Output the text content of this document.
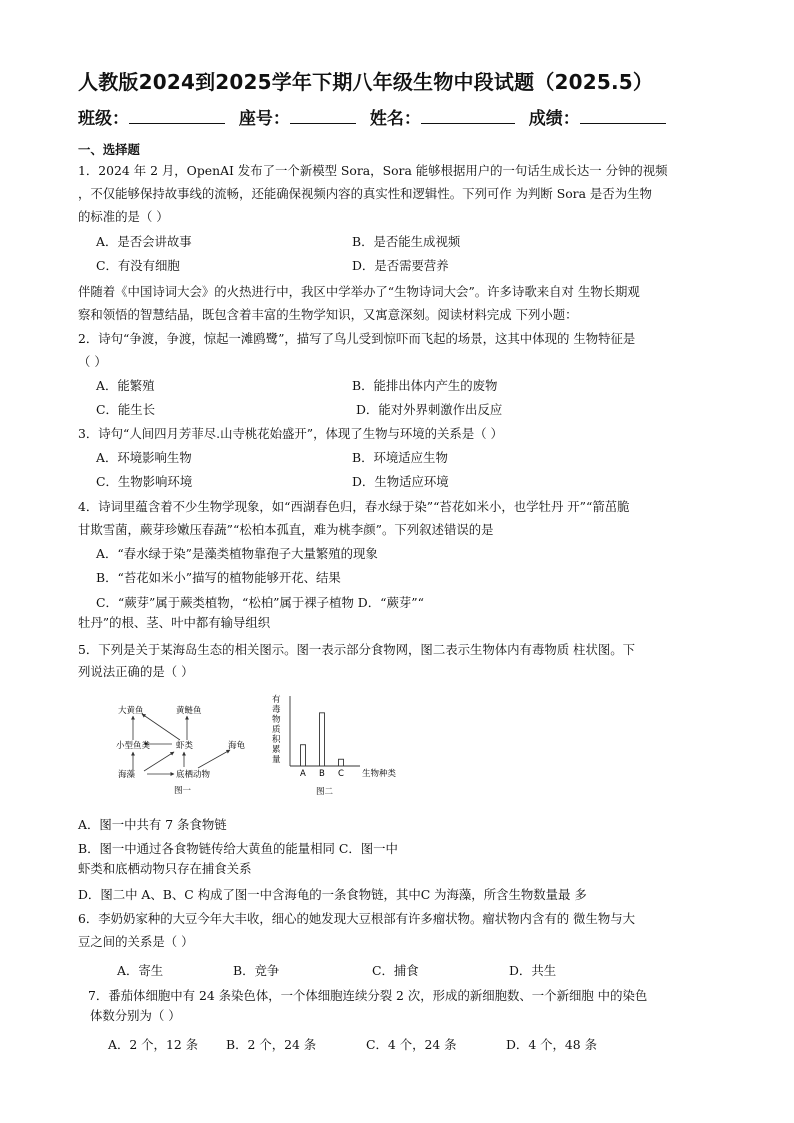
人教版2024到2025学年下期八年级生物中段试题（2025.5）
班级：	座号：	姓名：	成绩：
一、选择题
1．2024 年 2 月，OpenAI 发布了一个新模型 Sora，Sora 能够根据用户的一句话生成长达一 分钟的视频
，不仅能够保持故事线的流畅，还能确保视频内容的真实性和逻辑性。下列可作 为判断 Sora 是否为生物
的标准的是（ ）
A．是否会讲故事	B．是否能生成视频
C．有没有细胞	D．是否需要营养
伴随着《中国诗词大会》的火热进行中，我区中学举办了“生物诗词大会”。许多诗歌来自对 生物长期观
察和领悟的智慧结晶，既包含着丰富的生物学知识，又寓意深刻。阅读材料完成 下列小题：
2．诗句“争渡，争渡，惊起一滩鸥鹭”，描写了鸟儿受到惊吓而飞起的场景，这其中体现的 生物特征是
（ ）
A．能繁殖	B．能排出体内产生的废物
C．能生长	D．能对外界刺激作出反应
3．诗句“人间四月芳菲尽.山寺桃花始盛开”，体现了生物与环境的关系是（ ）
A．环境影响生物	B．环境适应生物
C．生物影响环境	D．生物适应环境
4．诗词里蕴含着不少生物学现象，如“西湖春色归，春水绿于染”“苔花如米小，也学牡丹 开”“箭茁脆
甘欺雪菌，蕨芽珍嫩压春蔬”“松柏本孤直，难为桃李颜”。下列叙述错误的是
A．“春水绿于染”是藻类植物靠孢子大量繁殖的现象
B．“苔花如米小”描写的植物能够开花、结果
C．“蕨芽”属于蕨类植物，“松柏”属于裸子植物 D．“蕨芽”“
牡丹”的根、茎、叶中都有输导组织
5．下列是关于某海岛生态的相关图示。图一表示部分食物网，图二表示生物体内有毒物质 柱状图。下
列说法正确的是（ ）
大黄鱼	黄鲢鱼
小型鱼类	虾类	海龟
海藻	底栖动物
图一
有
毒
物
质
积
累
量
A B C 生物种类
图二
A．图一中共有 7 条食物链
B．图一中通过各食物链传给大黄鱼的能量相同 C．图一中
虾类和底栖动物只存在捕食关系
D．图二中 A、B、C 构成了图一中含海龟的一条食物链，其中C 为海藻，所含生物数量最 多
6．李奶奶家种的大豆今年大丰收，细心的她发现大豆根部有许多瘤状物。瘤状物内含有的 微生物与大
豆之间的关系是（ ）
A．寄生	B．竞争	C．捕食	D．共生
7．番茄体细胞中有 24 条染色体，一个体细胞连续分裂 2 次，形成的新细胞数、一个新细胞 中的染色
体数分别为（ ）
A．2 个，12 条 B．2 个，24 条	C．4 个，24 条	D．4 个，48 条
